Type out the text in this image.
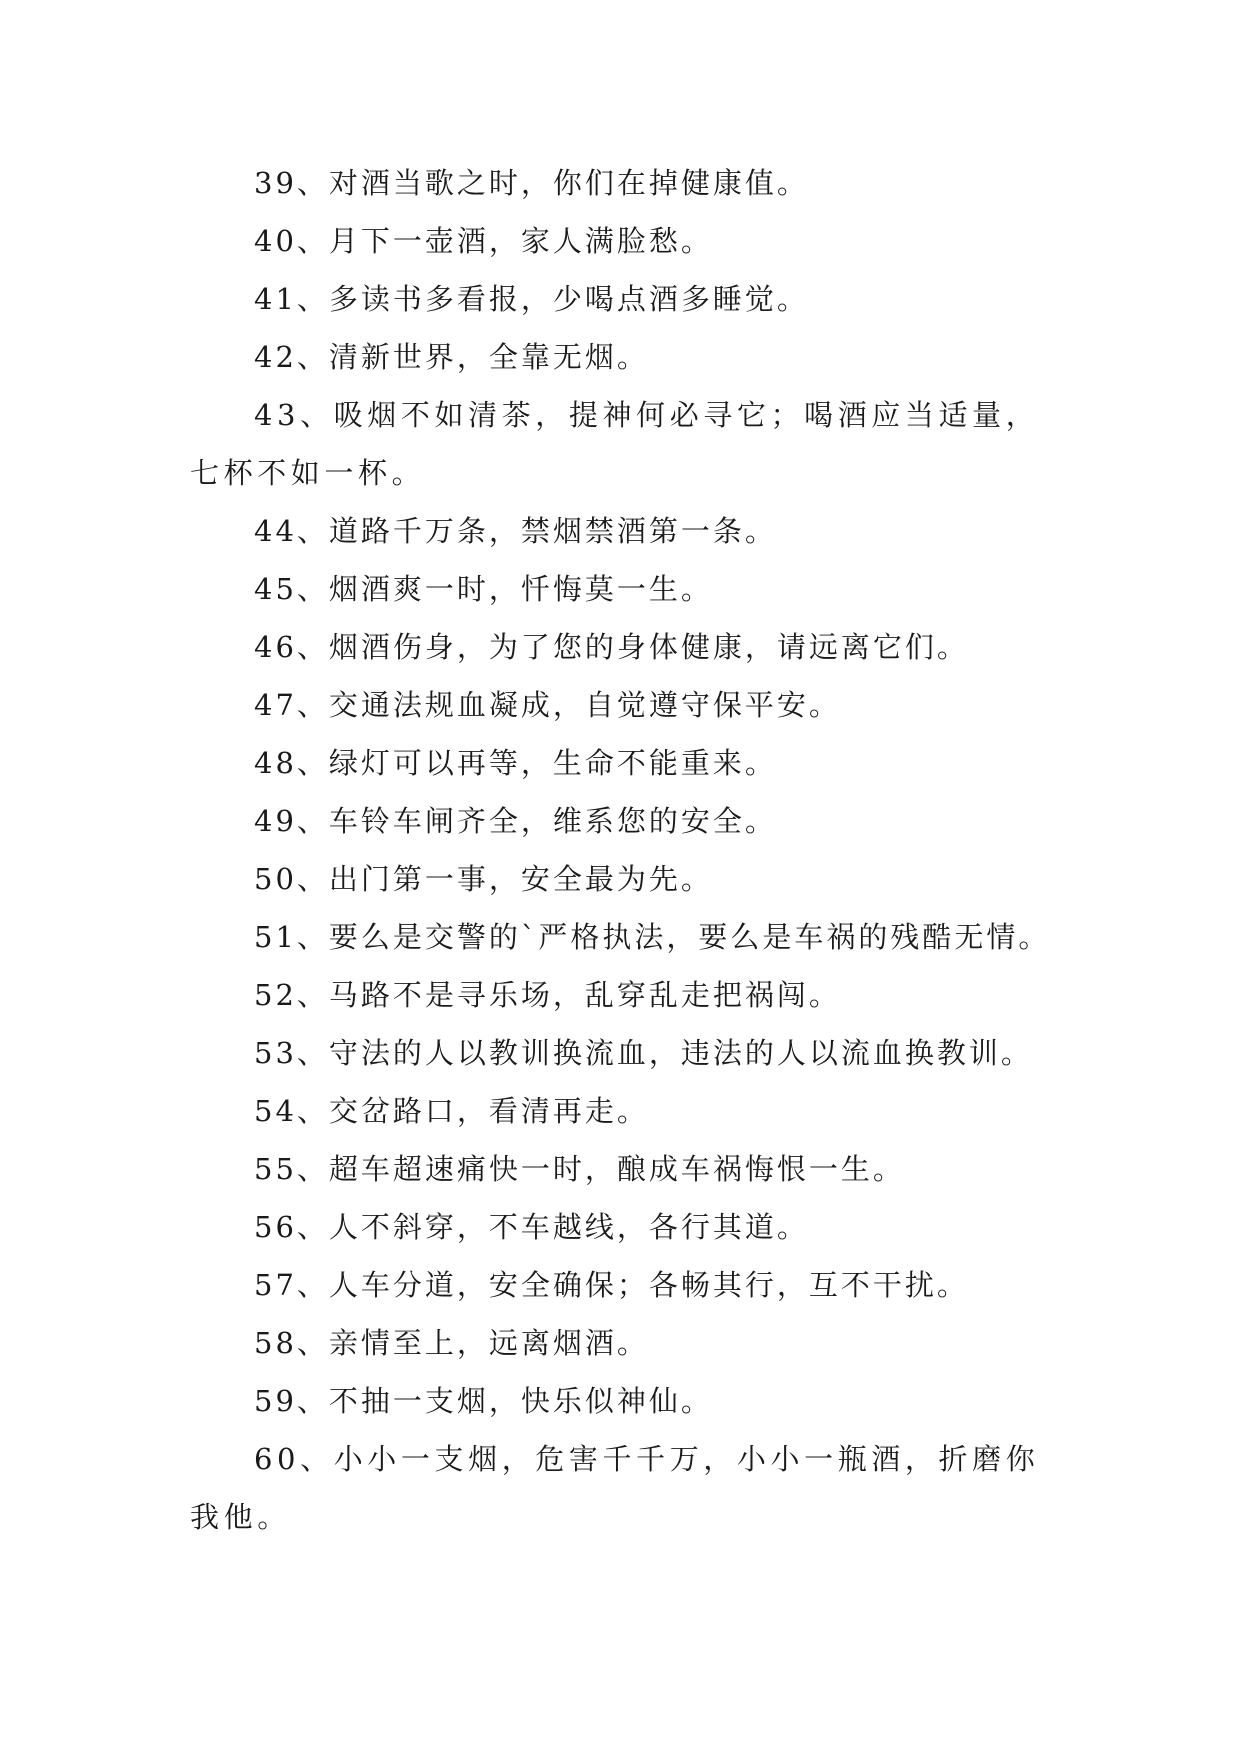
39、对酒当歌之时，你们在掉健康值。

40、月下一壶酒，家人满脸愁。

41、多读书多看报，少喝点酒多睡觉。

42、清新世界，全靠无烟。

43、吸烟不如清茶，提神何必寻它；喝酒应当适量，七杯不如一杯。

44、道路千万条，禁烟禁酒第一条。

45、烟酒爽一时，忏悔莫一生。

46、烟酒伤身，为了您的身体健康，请远离它们。

47、交通法规血凝成，自觉遵守保平安。

48、绿灯可以再等，生命不能重来。

49、车铃车闸齐全，维系您的安全。

50、出门第一事，安全最为先。

51、要么是交警的`严格执法，要么是车祸的残酷无情。

52、马路不是寻乐场，乱穿乱走把祸闯。

53、守法的人以教训换流血，违法的人以流血换教训。

54、交岔路口，看清再走。

55、超车超速痛快一时，酿成车祸悔恨一生。

56、人不斜穿，不车越线，各行其道。

57、人车分道，安全确保；各畅其行，互不干扰。

58、亲情至上，远离烟酒。

59、不抽一支烟，快乐似神仙。

60、小小一支烟，危害千千万，小小一瓶酒，折磨你我他。
